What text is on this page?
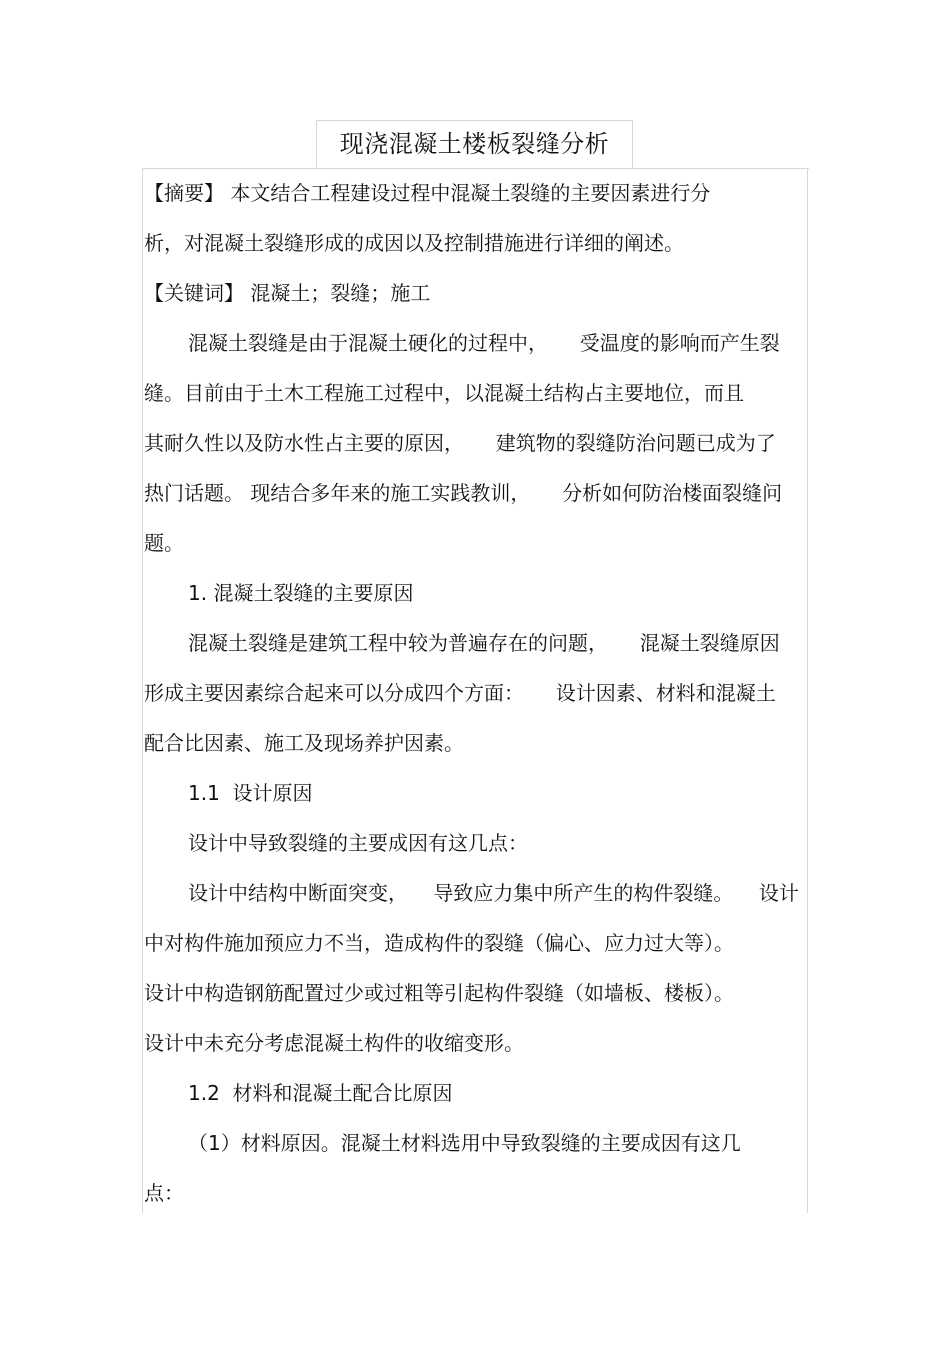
现浇混凝土楼板裂缝分析
【摘要】 本文结合工程建设过程中混凝土裂缝的主要因素进行分
析，对混凝土裂缝形成的成因以及控制措施进行详细的阐述。
【关键词】 混凝土；裂缝；施工
混凝土裂缝是由于混凝土硬化的过程中，     受温度的影响而产生裂
缝。目前由于土木工程施工过程中，以混凝土结构占主要地位，而且
其耐久性以及防水性占主要的原因，     建筑物的裂缝防治问题已成为了
热门话题。 现结合多年来的施工实践教训，     分析如何防治楼面裂缝问
题。
1. 混凝土裂缝的主要原因
混凝土裂缝是建筑工程中较为普遍存在的问题，     混凝土裂缝原因
形成主要因素综合起来可以分成四个方面：     设计因素、材料和混凝土
配合比因素、施工及现场养护因素。
1.1  设计原因
设计中导致裂缝的主要成因有这几点：
设计中结构中断面突变，    导致应力集中所产生的构件裂缝。    设计
中对构件施加预应力不当，造成构件的裂缝（偏心、应力过大等）。
设计中构造钢筋配置过少或过粗等引起构件裂缝（如墙板、楼板）。
设计中未充分考虑混凝土构件的收缩变形。
1.2  材料和混凝土配合比原因
（1）材料原因。混凝土材料选用中导致裂缝的主要成因有这几
点：
